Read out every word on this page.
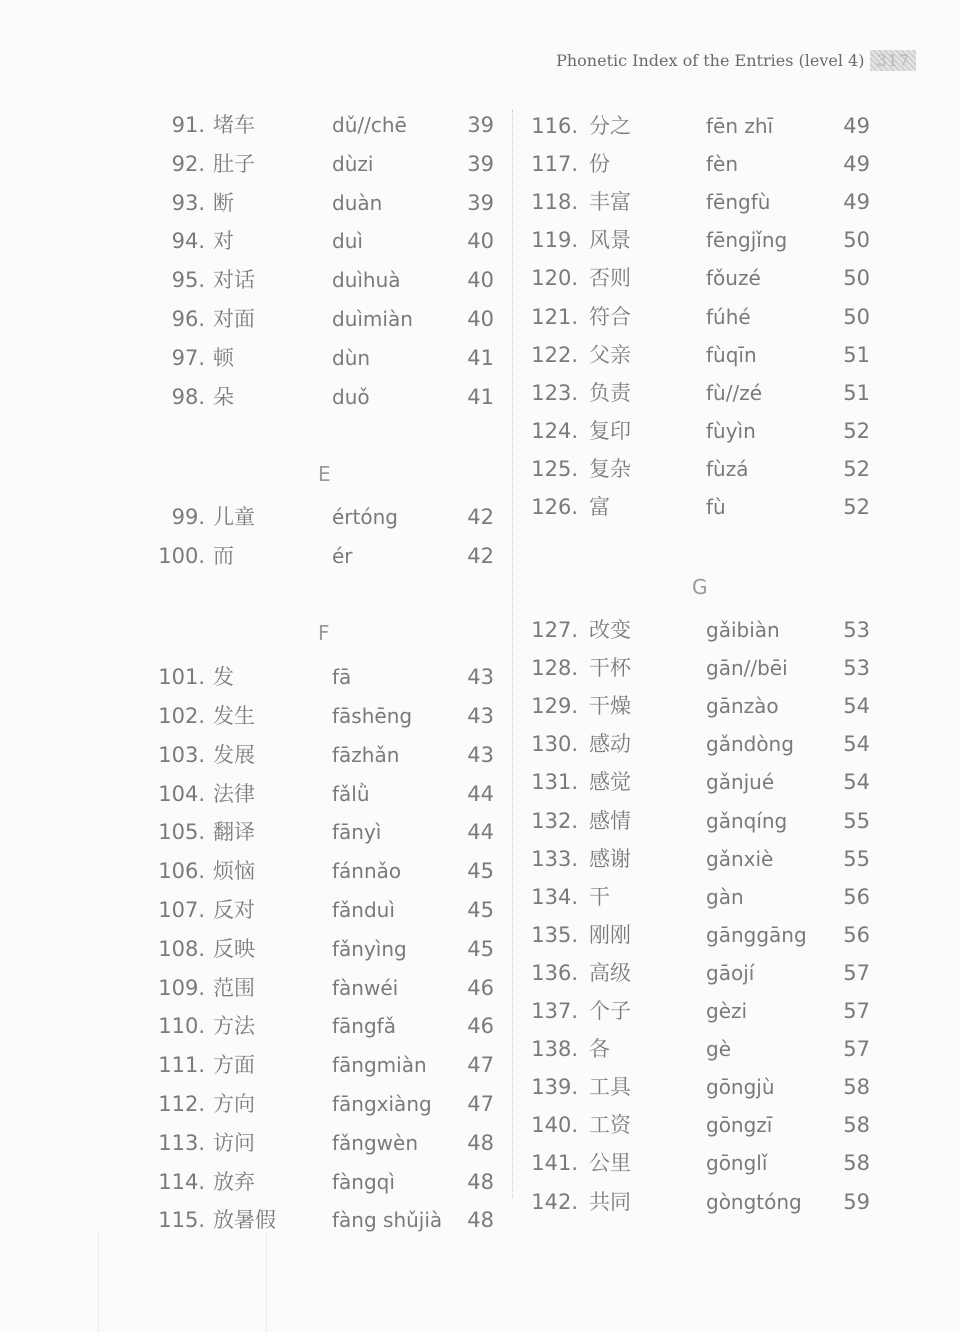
Phonetic Index of the Entries (level 4) 317
91. 堵车	dǔ//chē	39
92. 肚子	dùzi	39
93. 断	duàn	39
94. 对	duì	40
95. 对话	duìhuà	40
96. 对面	duìmiàn	40
97. 顿	dùn	41
98. 朵	duǒ	41
E
99. 儿童	értóng	42
100. 而	ér	42
F
101. 发	fā	43
102. 发生	fāshēng	43
103. 发展	fāzhǎn	43
104. 法律	fǎlǜ	44
105. 翻译	fānyì	44
106. 烦恼	fánnǎo	45
107. 反对	fǎnduì	45
108. 反映	fǎnyìng	45
109. 范围	fànwéi	46
110. 方法	fāngfǎ	46
111. 方面	fāngmiàn	47
112. 方向	fāngxiàng	47
113. 访问	fǎngwèn	48
114. 放弃	fàngqì	48
115. 放暑假	fàng shǔjià	48
116. 分之	fēn zhī	49
117. 份	fèn	49
118. 丰富	fēngfù	49
119. 风景	fēngjǐng	50
120. 否则	fǒuzé	50
121. 符合	fúhé	50
122. 父亲	fùqīn	51
123. 负责	fù//zé	51
124. 复印	fùyìn	52
125. 复杂	fùzá	52
126. 富	fù	52
G
127. 改变	gǎibiàn	53
128. 干杯	gān//bēi	53
129. 干燥	gānzào	54
130. 感动	gǎndòng	54
131. 感觉	gǎnjué	54
132. 感情	gǎnqíng	55
133. 感谢	gǎnxiè	55
134. 干	gàn	56
135. 刚刚	gānggāng	56
136. 高级	gāojí	57
137. 个子	gèzi	57
138. 各	gè	57
139. 工具	gōngjù	58
140. 工资	gōngzī	58
141. 公里	gōnglǐ	58
142. 共同	gòngtóng	59
